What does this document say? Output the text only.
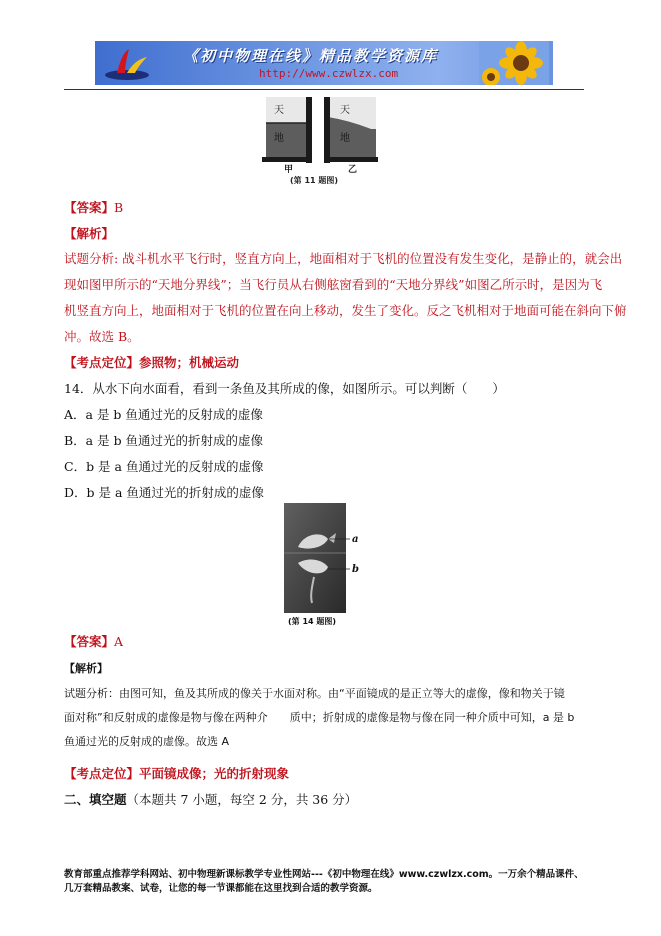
《初中物理在线》精品教学资源库
http://www.czwlzx.com
天
地
天
地
甲	乙
(第 11 题图)
【答案】B
【解析】
试题分析: 战斗机水平飞行时，竖直方向上，地面相对于飞机的位置没有发生变化，是静止的，就会出
现如图甲所示的“天地分界线”；当飞行员从右侧舷窗看到的“天地分界线”如图乙所示时，是因为飞
机竖直方向上，地面相对于飞机的位置在向上移动，发生了变化。反之飞机相对于地面可能在斜向下俯
冲。故选 B。
【考点定位】参照物；机械运动
14．从水下向水面看，看到一条鱼及其所成的像，如图所示。可以判断（　　）
A．a 是 b 鱼通过光的反射成的虚像
B．a 是 b 鱼通过光的折射成的虚像
C．b 是 a 鱼通过光的反射成的虚像
D．b 是 a 鱼通过光的折射成的虚像
a
b
(第 14 题图)
【答案】A
【解析】
试题分析：由图可知，鱼及其所成的像关于水面对称。由“平面镜成的是正立等大的虚像，像和物关于镜
面对称”和反射成的虚像是物与像在两种介　　质中；折射成的虚像是物与像在同一种介质中可知，a 是 b
鱼通过光的反射成的虚像。故选 A
【考点定位】平面镜成像；光的折射现象
二、填空题（本题共 7 小题，每空 2 分，共 36 分）
教育部重点推荐学科网站、初中物理新课标教学专业性网站---《初中物理在线》www.czwlzx.com。一万余个精品课件、
几万套精品教案、试卷，让您的每一节课都能在这里找到合适的教学资源。
